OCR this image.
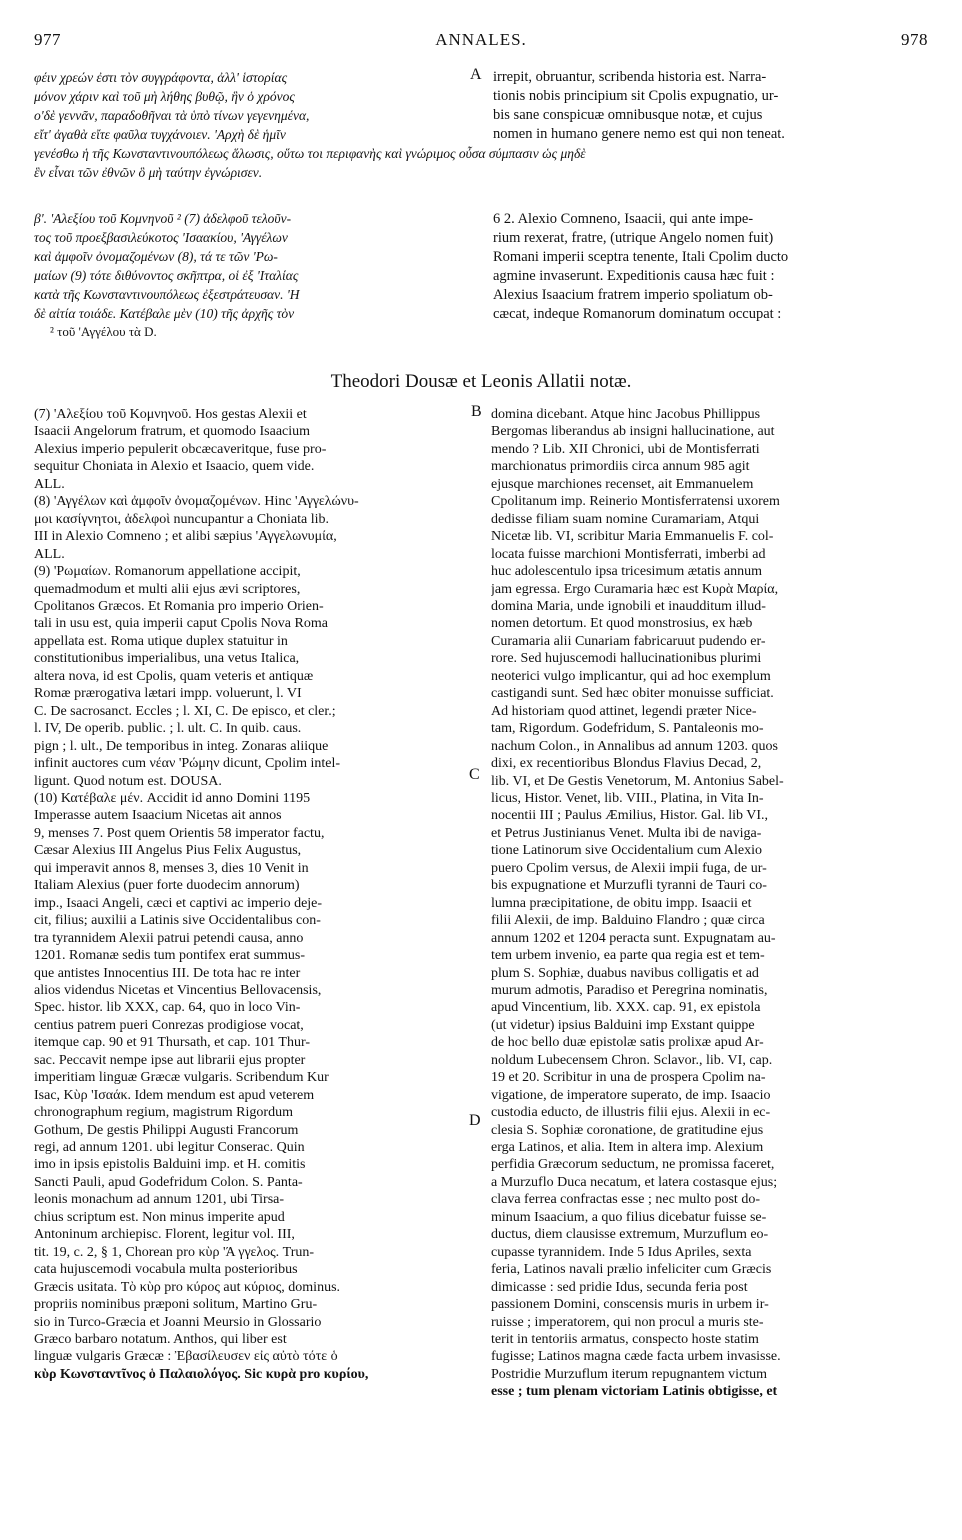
977	ANNALES.	978

φέιν χρεών ἐστι τὸν συγγράφοντα, ἀλλ' ἱστορίας

μόνον χάριν καὶ τοῦ μὴ λήθης βυθῷ, ἣν ὁ χρόνος

ο'δὲ γεννᾶν, παραδοθῆναι τὰ ὑπὸ τίνων γεγενημένα,

εἴτ' ἀγαθὰ εἴτε φαῦλα τυγχάνοιεν. 'Αρχὴ δὲ ἡμῖν

γενέσθω ἡ τῆς Κωνσταντινουπόλεως ἅλωσις, οὕτω τοι περιφανὴς καὶ γνώριμος οὖσα σύμπασιν ὡς μηδὲ

ἓν εἶναι τῶν ἐθνῶν ὃ μὴ ταύτην ἐγνώρισεν.

A irrepit, obruantur, scribenda historia est. Narra-

tionis nobis principium sit Cpolis expugnatio, ur-

bis sane conspicuæ omnibusque notæ, et cujus

nomen in humano genere nemo est qui non teneat.

β'. 'Αλεξίου τοῦ Κομνηνοῦ ² (7) ἀδελφοῦ τελοῦν-

τος τοῦ προεξβασιλεύκοτος 'Ισαακίου, 'Αγγέλων

καὶ ἀμφοῖν ὀνομαζομένων (8), τά τε τῶν 'Ρω-

μαίων (9) τότε διθύνοντος σκῆπτρα, οἱ ἐξ 'Ιταλίας

κατὰ τῆς Κωνσταντινουπόλεως ἐξεστράτευσαν. 'Η

δὲ αἰτία τοιάδε. Κατέβαλε μὲν (10) τῆς ἀρχῆς τὸν

² τοῦ 'Αγγέλου τὰ D.

6 2. Alexio Comneno, Isaacii, qui ante impe-

rium rexerat, fratre, (utrique Angelo nomen fuit)

Romani imperii sceptra tenente, Itali Cpolim ducto

agmine invaserunt. Expeditionis causa hæc fuit :

Alexius Isaacium fratrem imperio spoliatum ob-

cæcat, indeque Romanorum dominatum occupat :

Theodori Dousæ et Leonis Allatii notæ.
B
C
D

(7) 'Αλεξίου τοῦ Κομνηνοῦ. Hos gestas Alexii et

Isaacii Angelorum fratrum, et quomodo Isaacium

Alexius imperio pepulerit obcæcaveritque, fuse pro-

sequitur Choniata in Alexio et Isaacio, quem vide.

ALL.

(8) 'Αγγέλων καὶ ἀμφοῖν ὀνομαζομένων. Hinc 'Αγγελώνυ-

μοι κασίγνητοι, ἀδελφοὶ nuncupantur a Choniata lib.

III in Alexio Comneno ; et alibi sæpius 'Αγγελωνυμία,

ALL.

(9) 'Ρωμαίων. Romanorum appellatione accipit,

quemadmodum et multi alii ejus ævi scriptores,

Cpolitanos Græcos. Et Romania pro imperio Orien-

tali in usu est, quia imperii caput Cpolis Nova Roma

appellata est. Roma utique duplex statuitur in

constitutionibus imperialibus, una vetus Italica,

altera nova, id est Cpolis, quam veteris et antiquæ

Romæ prærogativa lætari impp. voluerunt, l. VI

C. De sacrosanct. Eccles ; l. XI, C. De episco, et cler.;

l. IV, De operib. public. ; l. ult. C. In quib. caus.

pign ; l. ult., De temporibus in integ. Zonaras aliique

infinit auctores cum νέαν 'Ρώμην dicunt, Cpolim intel-

ligunt. Quod notum est. DOUSA.

(10) Κατέβαλε μέν. Accidit id anno Domini 1195

Imperasse autem Isaacium Nicetas ait annos

9, menses 7. Post quem Orientis 58 imperator factu,

Cæsar Alexius III Angelus Pius Felix Augustus,

qui imperavit annos 8, menses 3, dies 10 Venit in

Italiam Alexius (puer forte duodecim annorum)

imp., Isaaci Angeli, cæci et captivi ac imperio deje-

cit, filius; auxilii a Latinis sive Occidentalibus con-

tra tyrannidem Alexii patrui petendi causa, anno

1201. Romanæ sedis tum pontifex erat summus-

que antistes Innocentius III. De tota hac re inter

alios videndus Nicetas et Vincentius Bellovacensis,

Spec. histor. lib XXX, cap. 64, quo in loco Vin-

centius patrem pueri Conrezas prodigiose vocat,

itemque cap. 90 et 91 Thursath, et cap. 101 Thur-

sac. Peccavit nempe ipse aut librarii ejus propter

imperitiam linguæ Græcæ vulgaris. Scribendum Kur

Isac, Κὺρ 'Ισαάκ. Idem mendum est apud veterem

chronographum regium, magistrum Rigordum

Gothum, De gestis Philippi Augusti Francorum

regi, ad annum 1201. ubi legitur Conserac. Quin

imo in ipsis epistolis Balduini imp. et H. comitis

Sancti Pauli, apud Godefridum Colon. S. Panta-

leonis monachum ad annum 1201, ubi Tirsa-

chius scriptum est. Non minus imperite apud

Antoninum archiepisc. Florent, legitur vol. III,

tit. 19, c. 2, § 1, Chorean pro κὺρ 'Ά γγελος. Trun-

cata hujuscemodi vocabula multa posterioribus

Græcis usitata. Τὸ κὺρ pro κύρος aut κύριος, dominus.

propriis nominibus præponi solitum, Martino Gru-

sio in Turco-Græcia et Joanni Meursio in Glossario

Græco barbaro notatum. Anthos, qui liber est

linguæ vulgaris Græcæ : Ἐβασίλευσεν εἰς αὐτὸ τότε ὁ

κὺρ Κωνσταντῖνος ὁ Παλαιολόγος. Sic κυρὰ pro κυρίου,

domina dicebant. Atque hinc Jacobus Phillippus

Bergomas liberandus ab insigni hallucinatione, aut

mendo ? Lib. XII Chronici, ubi de Montisferrati

marchionatus primordiis circa annum 985 agit

ejusque marchiones recenset, ait Emmanuelem

Cpolitanum imp. Reinerio Montisferratensi uxorem

dedisse filiam suam nomine Curamariam, Atqui

Nicetæ lib. VI, scribitur Maria Emmanuelis F. col-

locata fuisse marchioni Montisferrati, imberbi ad

huc adolescentulo ipsa tricesimum ætatis annum

jam egressa. Ergo Curamaria hæc est Κυρὰ Μαρία,

domina Maria, unde ignobili et inaudditum illud-

nomen detortum. Et quod monstrosius, ex hæb

Curamaria alii Cunariam fabricaruut pudendo er-

rore. Sed hujuscemodi hallucinationibus plurimi

neoterici vulgo implicantur, qui ad hoc exemplum

castigandi sunt. Sed hæc obiter monuisse sufficiat.

Ad historiam quod attinet, legendi præter Nice-

tam, Rigordum. Godefridum, S. Pantaleonis mo-

nachum Colon., in Annalibus ad annum 1203. quos

dixi, ex recentioribus Blondus Flavius Decad, 2,

lib. VI, et De Gestis Venetorum, M. Antonius Sabel-

licus, Histor. Venet, lib. VIII., Platina, in Vita In-

nocentii III ; Paulus Æmilius, Histor. Gal. lib VI.,

et Petrus Justinianus Venet. Multa ibi de naviga-

tione Latinorum sive Occidentalium cum Alexio

puero Cpolim versus, de Alexii impii fuga, de ur-

bis expugnatione et Murzufli tyranni de Tauri co-

lumna præcipitatione, de obitu impp. Isaacii et

filii Alexii, de imp. Balduino Flandro ; quæ circa

annum 1202 et 1204 peracta sunt. Expugnatam au-

tem urbem invenio, ea parte qua regia est et tem-

plum S. Sophiæ, duabus navibus colligatis et ad

murum admotis, Paradiso et Peregrina nominatis,

apud Vincentium, lib. XXX. cap. 91, ex epistola

(ut videtur) ipsius Balduini imp Exstant quippe

de hoc bello duæ epistolæ satis prolixæ apud Ar-

noldum Lubecensem Chron. Sclavor., lib. VI, cap.

19 et 20. Scribitur in una de prospera Cpolim na-

vigatione, de imperatore superato, de imp. Isaacio

custodia educto, de illustris filii ejus. Alexii in ec-

clesia S. Sophiæ coronatione, de gratitudine ejus

erga Latinos, et alia. Item in altera imp. Alexium

perfidia Græcorum seductum, ne promissa faceret,

a Murzuflo Duca necatum, et latera costasque ejus;

clava ferrea confractas esse ; nec multo post do-

minum Isaacium, a quo filius dicebatur fuisse se-

ductus, diem clausisse extremum, Murzuflum eo-

cupasse tyrannidem. Inde 5 Idus Apriles, sexta

feria, Latinos navali prælio infeliciter cum Græcis

dimicasse : sed pridie Idus, secunda feria post

passionem Domini, conscensis muris in urbem ir-

ruisse ; imperatorem, qui non procul a muris ste-

terit in tentoriis armatus, conspecto hoste statim

fugisse; Latinos magna cæde facta urbem invasisse.

Postridie Murzuflum iterum repugnantem victum

esse ; tum plenam victoriam Latinis obtigisse, et
